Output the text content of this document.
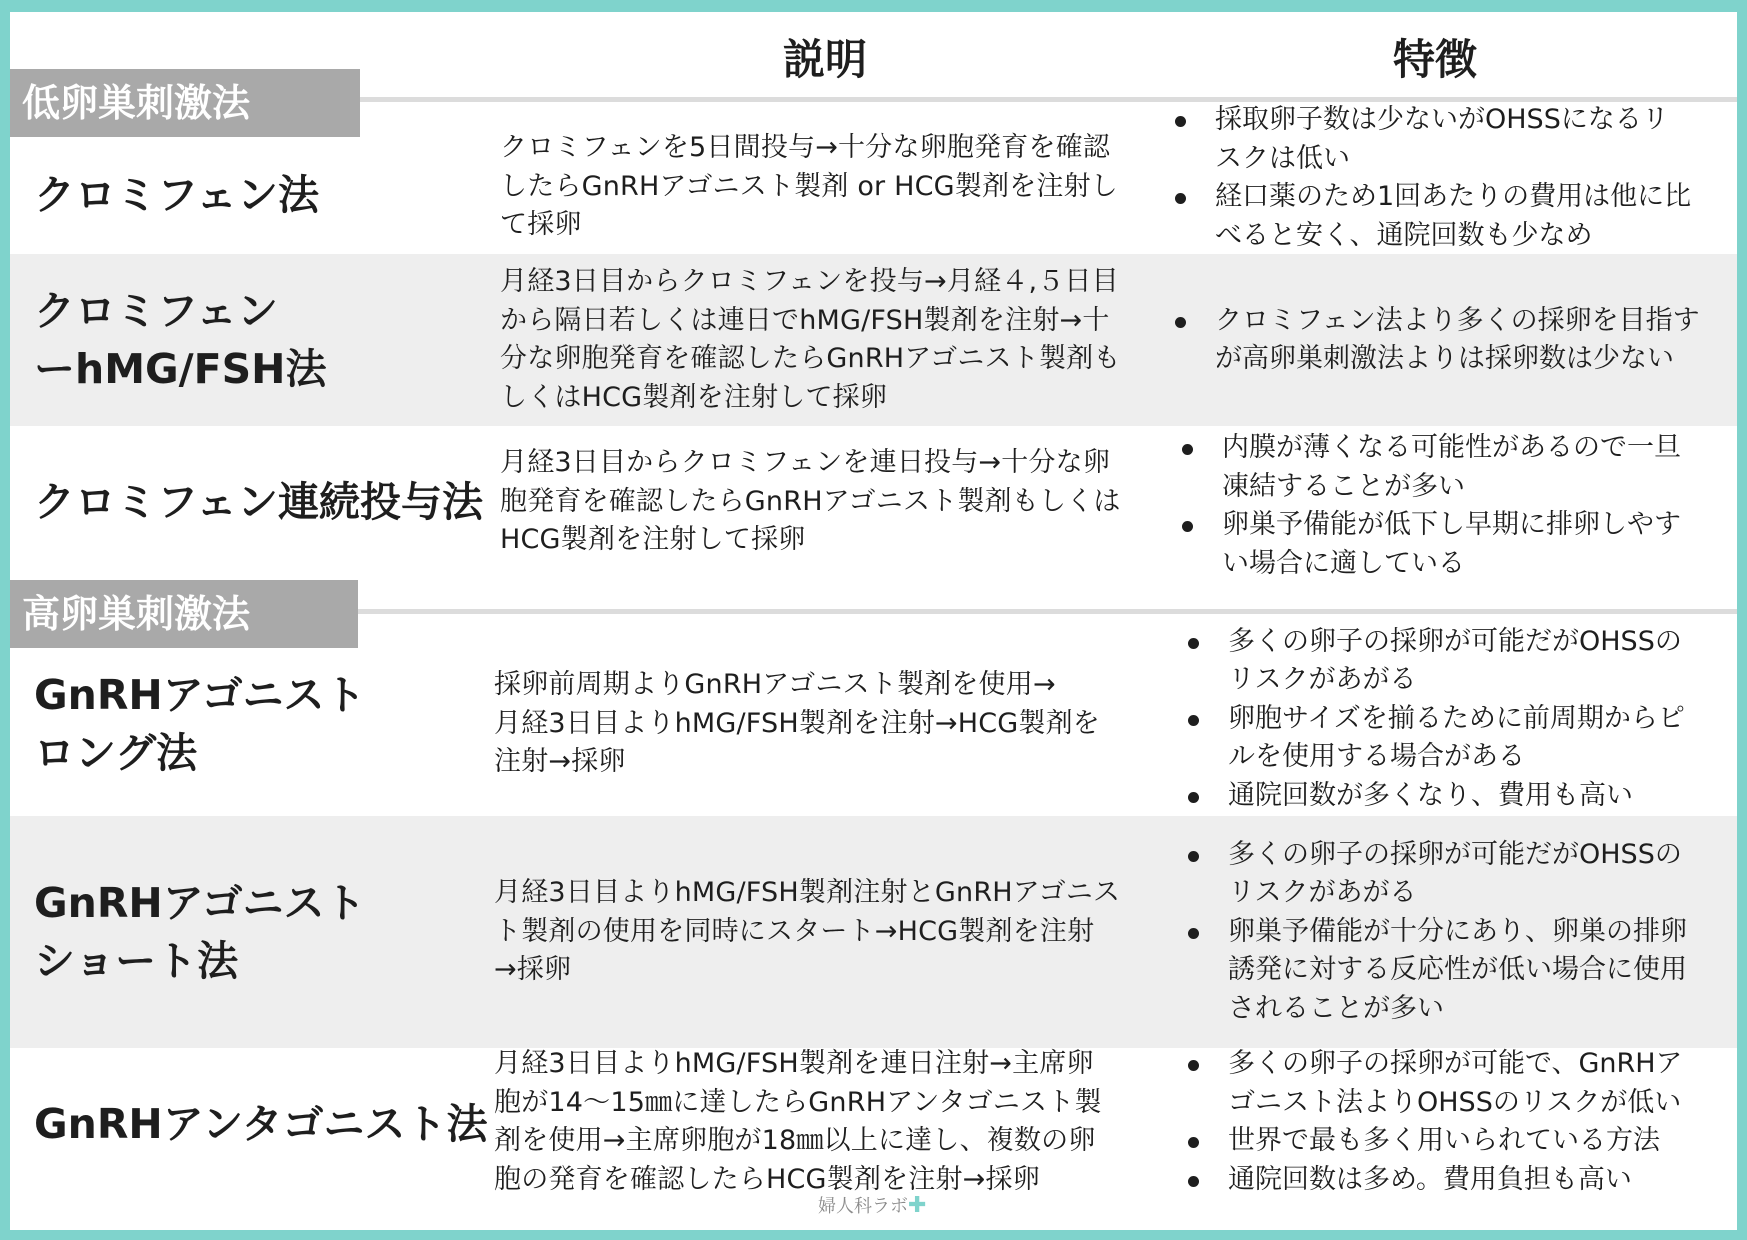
説明	特徴
低卵巣刺激法
高卵巣刺激法
クロミフェン法
クロミフェンを5日間投与→十分な卵胞発育を確認
したらGnRHアゴニスト製剤 or HCG製剤を注射し
て採卵
採取卵子数は少ないがOHSSになるリ
スクは低い
経口薬のため1回あたりの費用は他に比
べると安く、通院回数も少なめ
クロミフェン
ーhMG/FSH法
月経3日目からクロミフェンを投与→月経４,５日目
から隔日若しくは連日でhMG/FSH製剤を注射→十
分な卵胞発育を確認したらGnRHアゴニスト製剤も
しくはHCG製剤を注射して採卵
クロミフェン法より多くの採卵を目指す
が高卵巣刺激法よりは採卵数は少ない
クロミフェン連続投与法
月経3日目からクロミフェンを連日投与→十分な卵
胞発育を確認したらGnRHアゴニスト製剤もしくは
HCG製剤を注射して採卵
内膜が薄くなる可能性があるので一旦
凍結することが多い
卵巣予備能が低下し早期に排卵しやす
い場合に適している
GnRHアゴニスト
ロング法
採卵前周期よりGnRHアゴニスト製剤を使用→
月経3日目よりhMG/FSH製剤を注射→HCG製剤を
注射→採卵
多くの卵子の採卵が可能だがOHSSの
リスクがあがる
卵胞サイズを揃るために前周期からピ
ルを使用する場合がある
通院回数が多くなり、費用も高い
GnRHアゴニスト
ショート法
月経3日目よりhMG/FSH製剤注射とGnRHアゴニス
ト製剤の使用を同時にスタート→HCG製剤を注射
→採卵
多くの卵子の採卵が可能だがOHSSの
リスクがあがる
卵巣予備能が十分にあり、卵巣の排卵
誘発に対する反応性が低い場合に使用
されることが多い
GnRHアンタゴニスト法
月経3日目よりhMG/FSH製剤を連日注射→主席卵
胞が14〜15㎜に達したらGnRHアンタゴニスト製
剤を使用→主席卵胞が18㎜以上に達し、複数の卵
胞の発育を確認したらHCG製剤を注射→採卵
多くの卵子の採卵が可能で、GnRHア
ゴニスト法よりOHSSのリスクが低い
世界で最も多く用いられている方法
通院回数は多め。費用負担も高い
婦人科ラボ✚
